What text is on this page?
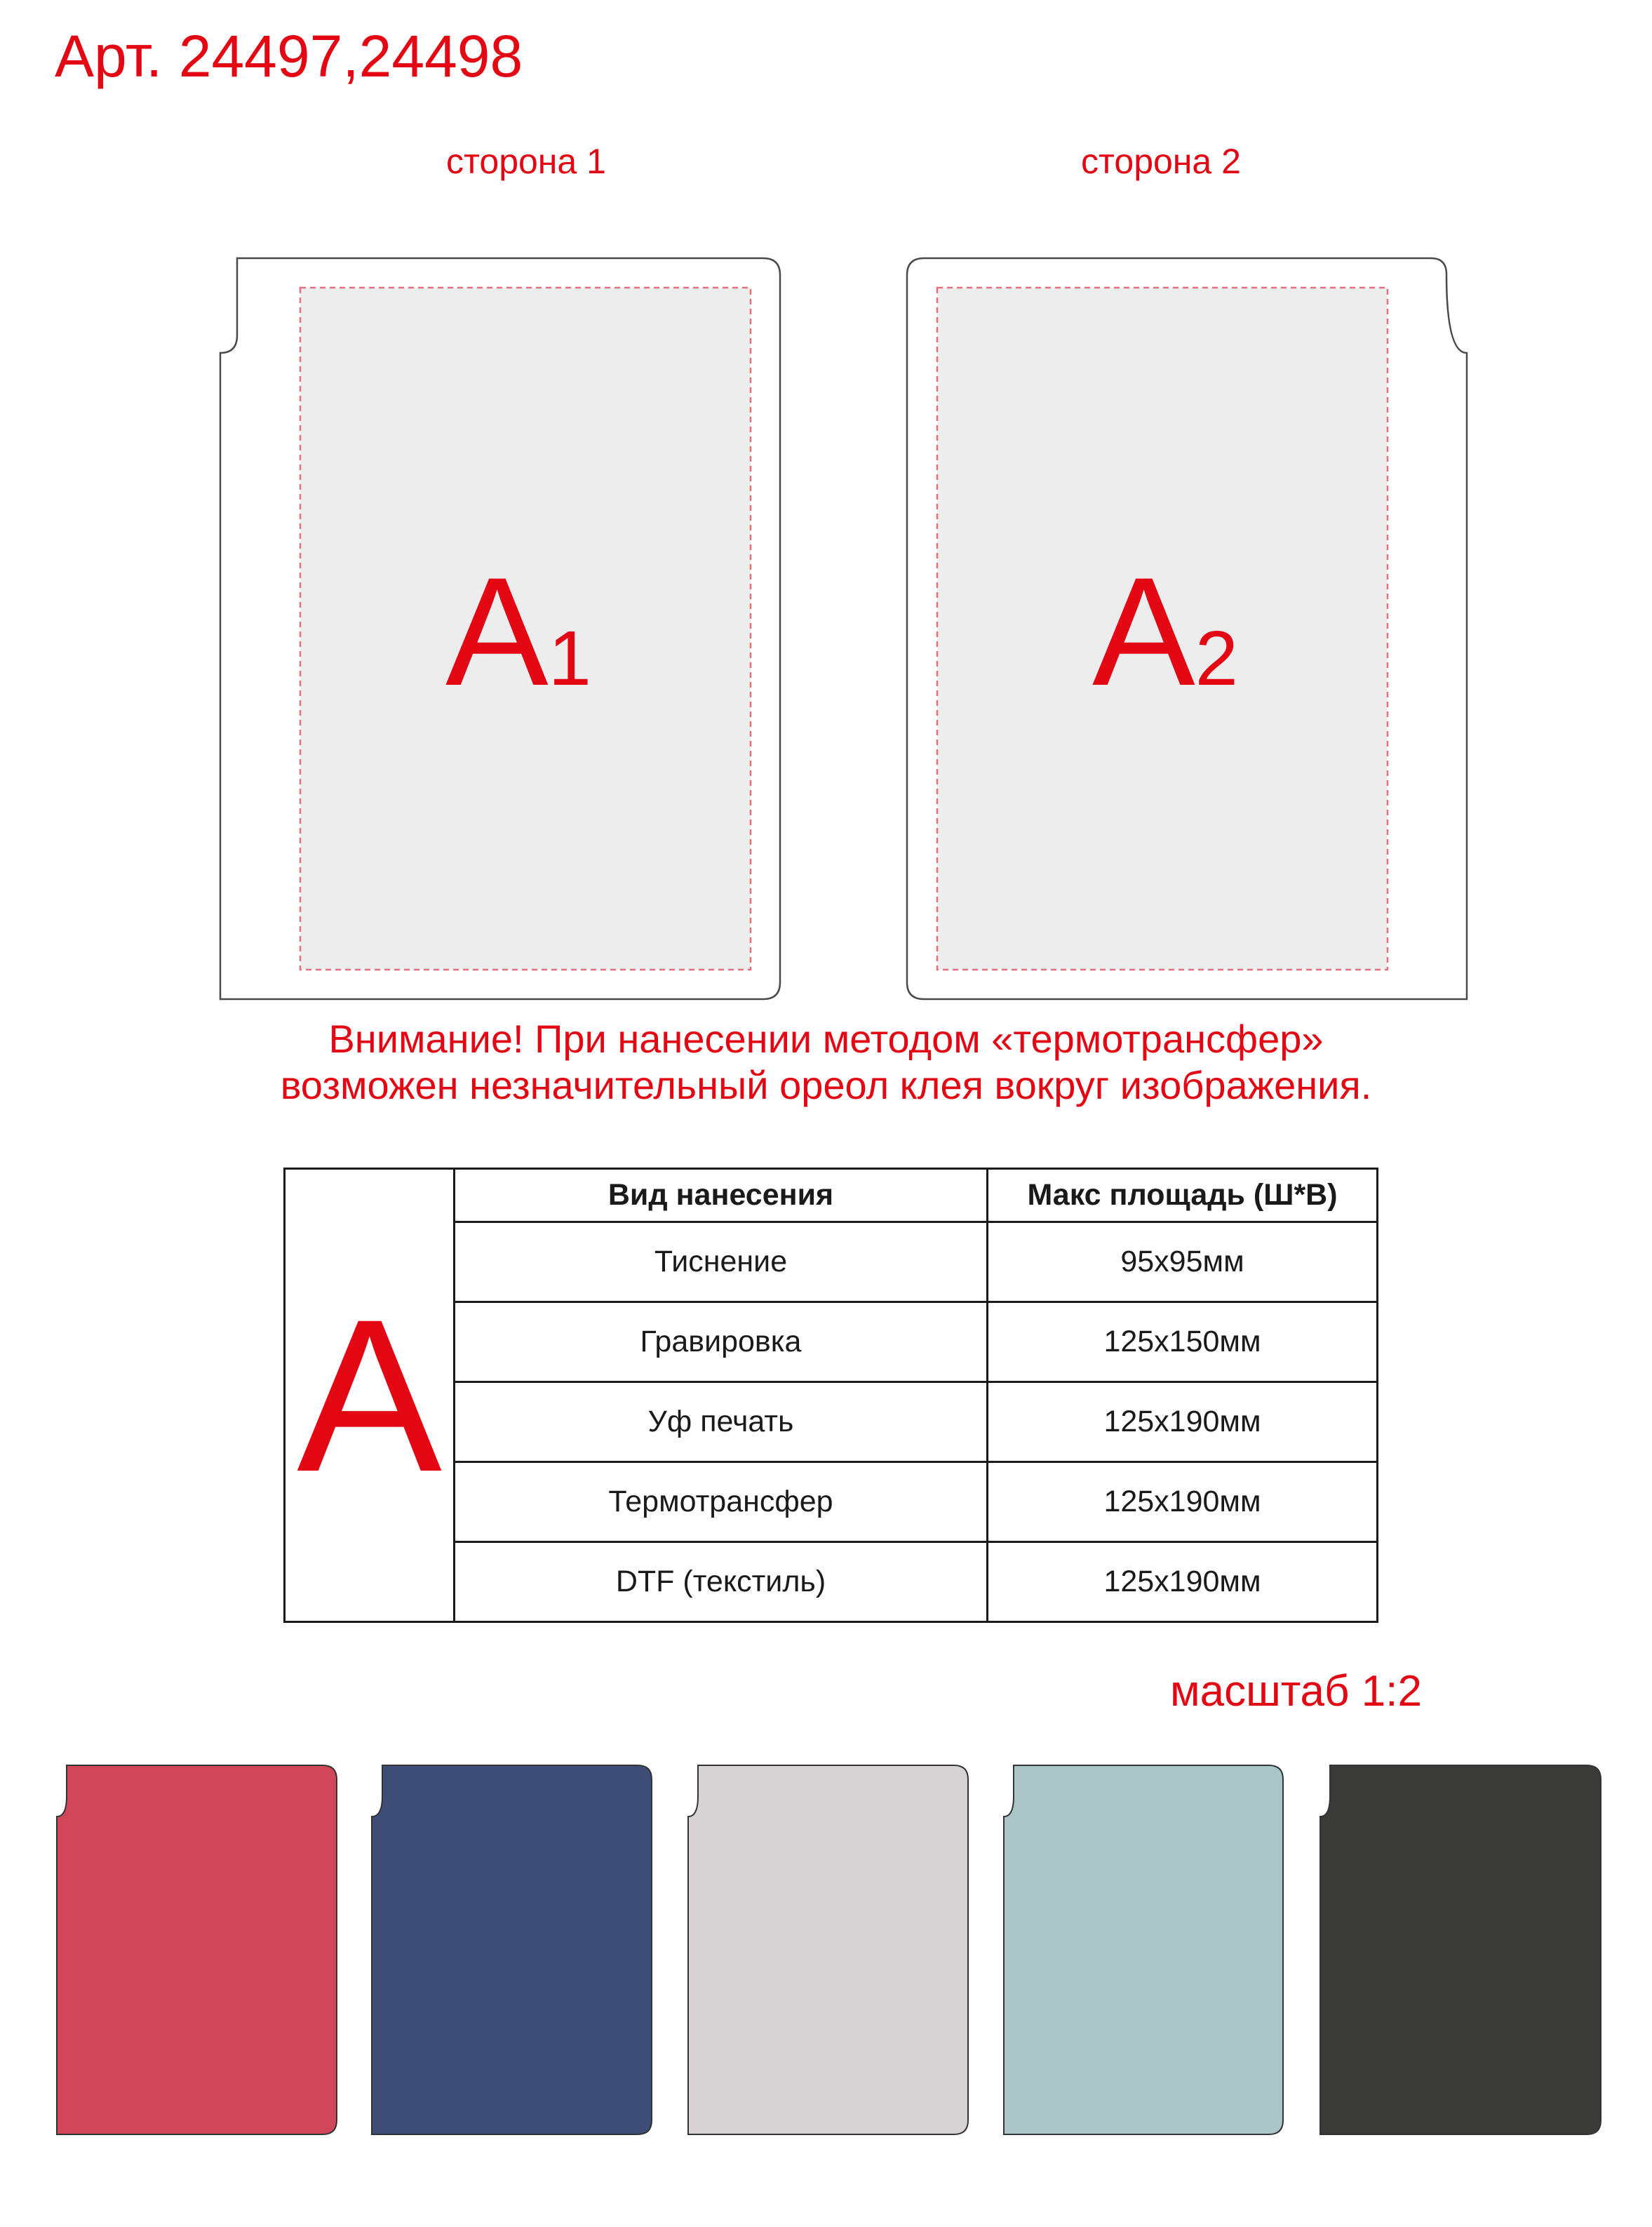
Арт. 24497,24498
сторона 1	сторона 2
A1	A2
Внимание! При нанесении методом «термотрансфер»
возможен незначительный ореол клея вокруг изображения.
A	Вид нанесения	Макс площадь (Ш*В)
	Тиснение	95х95мм
	Гравировка	125х150мм
	Уф печать	125х190мм
	Термотрансфер	125х190мм
	DTF (текстиль)	125х190мм
масштаб 1:2
